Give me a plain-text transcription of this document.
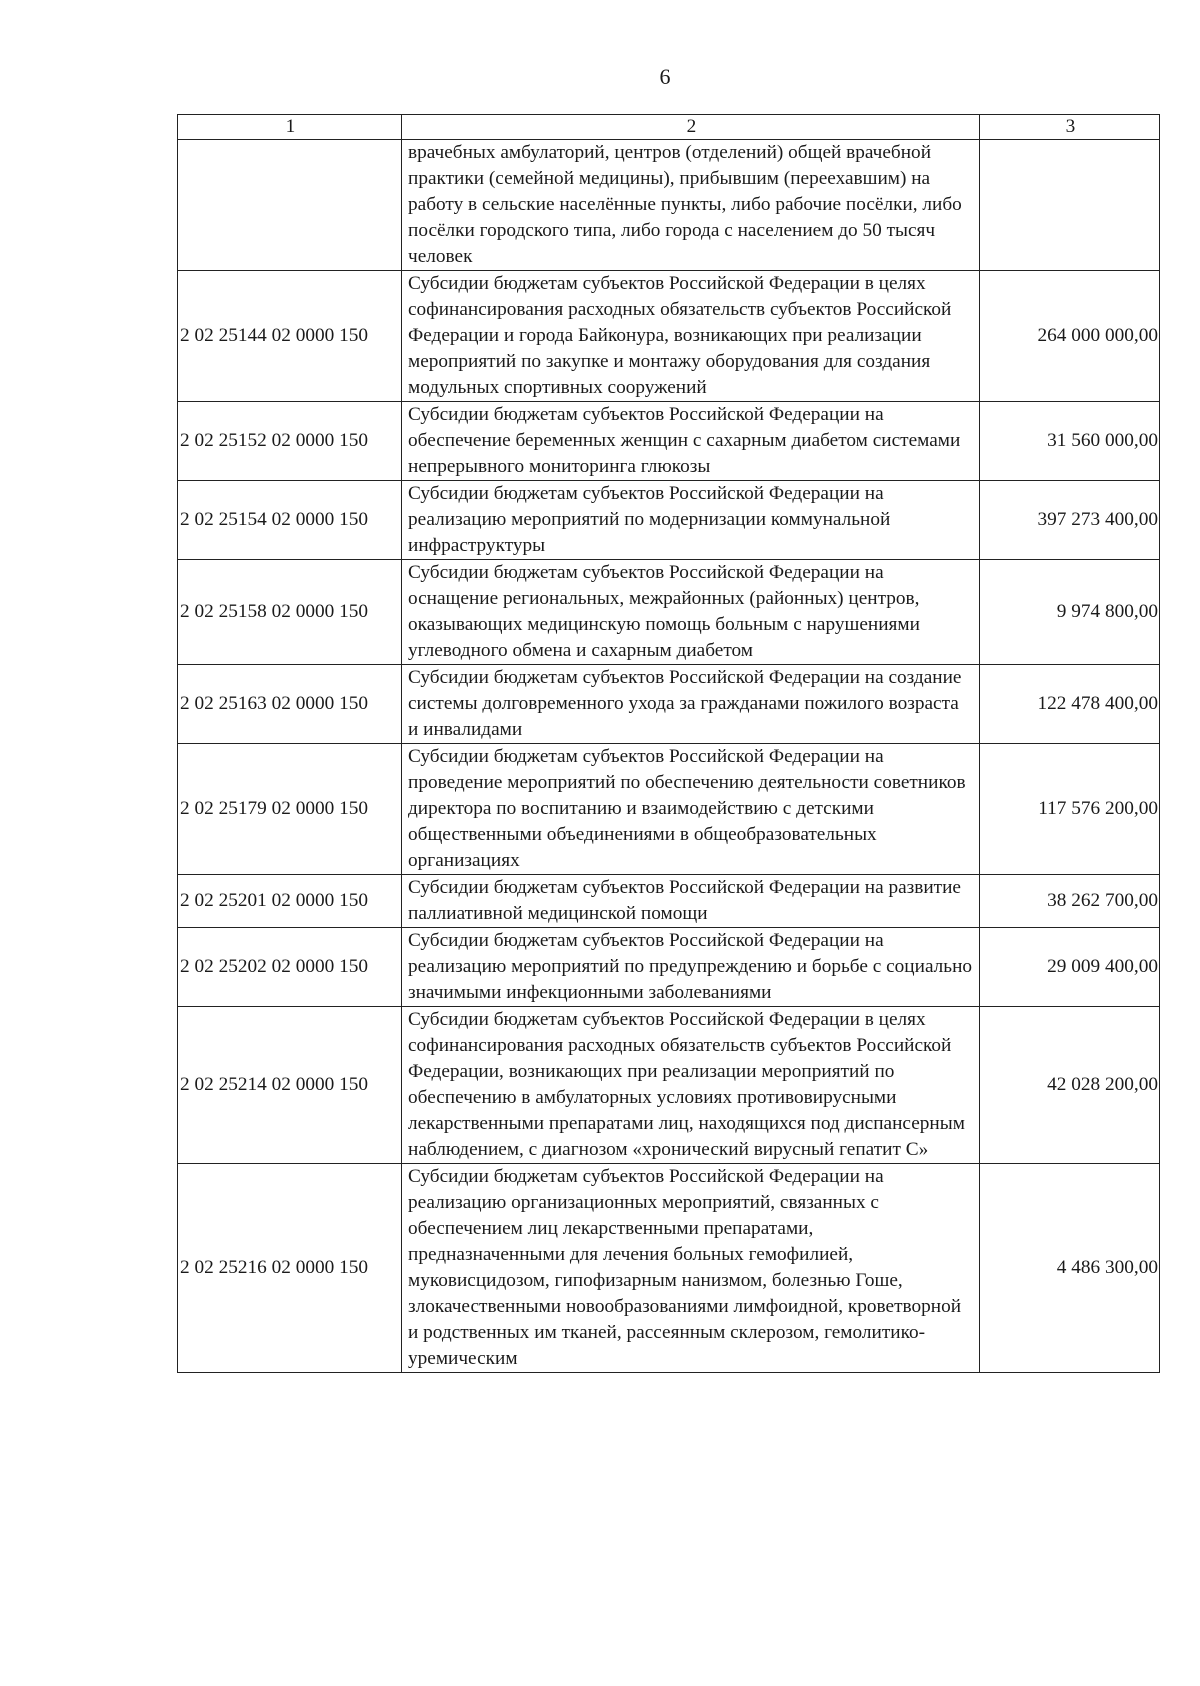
6
1	2	3
	врачебных амбулаторий, центров (отделений) общей врачебной практики (семейной медицины), прибывшим (переехавшим) на работу в сельские населённые пункты, либо рабочие посёлки, либо посёлки городского типа, либо города с населением до 50 тысяч человек	
2 02 25144 02 0000 150	Субсидии бюджетам субъектов Российской Федерации в целях софинансирования расходных обязательств субъектов Российской Федерации и города Байконура, возникающих при реализации мероприятий по закупке и монтажу оборудования для создания модульных спортивных сооружений	264 000 000,00
2 02 25152 02 0000 150	Субсидии бюджетам субъектов Российской Федерации на обеспечение беременных женщин с сахарным диабетом системами непрерывного мониторинга глюкозы	31 560 000,00
2 02 25154 02 0000 150	Субсидии бюджетам субъектов Российской Федерации на реализацию мероприятий по модернизации коммунальной инфраструктуры	397 273 400,00
2 02 25158 02 0000 150	Субсидии бюджетам субъектов Российской Федерации на оснащение региональных, межрайонных (районных) центров, оказывающих медицинскую помощь больным с нарушениями углеводного обмена и сахарным диабетом	9 974 800,00
2 02 25163 02 0000 150	Субсидии бюджетам субъектов Российской Федерации на создание системы долговременного ухода за гражданами пожилого возраста и инвалидами	122 478 400,00
2 02 25179 02 0000 150	Субсидии бюджетам субъектов Российской Федерации на проведение мероприятий по обеспечению деятельности советников директора по воспитанию и взаимодействию с детскими общественными объединениями в общеобразовательных организациях	117 576 200,00
2 02 25201 02 0000 150	Субсидии бюджетам субъектов Российской Федерации на развитие паллиативной медицинской помощи	38 262 700,00
2 02 25202 02 0000 150	Субсидии бюджетам субъектов Российской Федерации на реализацию мероприятий по предупреждению и борьбе с социально значимыми инфекционными заболеваниями	29 009 400,00
2 02 25214 02 0000 150	Субсидии бюджетам субъектов Российской Федерации в целях софинансирования расходных обязательств субъектов Российской Федерации, возникающих при реализации мероприятий по обеспечению в амбулаторных условиях противовирусными лекарственными препаратами лиц, находящихся под диспансерным наблюдением, с диагнозом «хронический вирусный гепатит С»	42 028 200,00
2 02 25216 02 0000 150	Субсидии бюджетам субъектов Российской Федерации на реализацию организационных мероприятий, связанных с обеспечением лиц лекарственными препаратами, предназначенными для лечения больных гемофилией, муковисцидозом, гипофизарным нанизмом, болезнью Гоше, злокачественными новообразованиями лимфоидной, кроветворной и родственных им тканей, рассеянным склерозом, гемолитико-уремическим	4 486 300,00
